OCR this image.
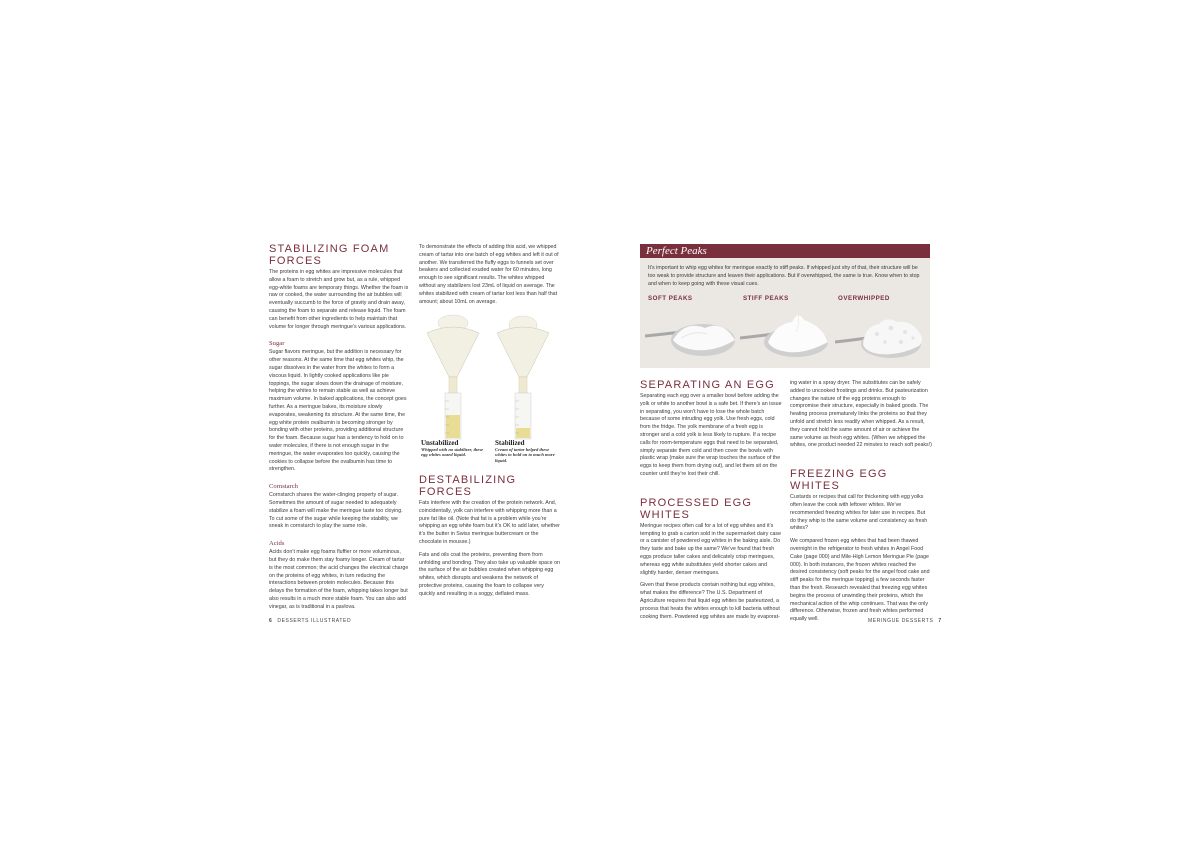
STABILIZING FOAM FORCES

The proteins in egg whites are impressive molecules that allow a foam to stretch and grow but, as a rule, whipped egg-white foams are temporary things. Whether the foam is raw or cooked, the water surrounding the air bubbles will eventually succumb to the force of gravity and drain away, causing the foam to separate and release liquid. The foam can benefit from other ingredients to help maintain that volume for longer through meringue’s various applications.

Sugar

Sugar flavors meringue, but the addition is necessary for other reasons. At the same time that egg whites whip, the sugar dissolves in the water from the whites to form a viscous liquid. In lightly cooked applications like pie toppings, the sugar slows down the drainage of moisture, helping the whites to remain stable as well as achieve maximum volume. In baked applications, the concept goes further. As a meringue bakes, its moisture slowly evaporates, weakening its structure. At the same time, the egg white protein ovalbumin is becoming stronger by bonding with other proteins, providing additional structure for the foam. Because sugar has a tendency to hold on to water molecules, if there is not enough sugar in the meringue, the water evaporates too quickly, causing the cookies to collapse before the ovalbumin has time to strengthen.

Cornstarch

Cornstarch shares the water-clinging property of sugar. Sometimes the amount of sugar needed to adequately stabilize a foam will make the meringue taste too cloying. To cut some of the sugar while keeping the stability, we sneak in cornstarch to play the same role.

Acids

Acids don’t make egg foams fluffier or more voluminous, but they do make them stay foamy longer. Cream of tartar is the most common; the acid changes the electrical charge on the proteins of egg whites, in turn reducing the interactions between protein molecules. Because this delays the formation of the foam, whipping takes longer but also results in a much more stable foam. You can also add vinegar, as is traditional in a pavlova.

To demonstrate the effects of adding this acid, we whipped cream of tartar into one batch of egg whites and left it out of another. We transferred the fluffy eggs to funnels set over beakers and collected exuded water for 60 minutes, long enough to see significant results. The whites whipped without any stabilizers lost 23mL of liquid on average. The whites stabilized with cream of tartar lost less than half that amount; about 10mL on average.

Unstabilized
Whipped with no stabilizer, these egg whites oozed liquid.
Stabilized
Cream of tartar helped these whites to hold on to much more liquid.
DESTABILIZING FORCES

Fats interfere with the creation of the protein network. And, coincidentally, yolk can interfere with whipping more than a pure fat like oil. (Note that fat is a problem while you’re whipping an egg white foam but it’s OK to add later, whether it’s the butter in Swiss meringue buttercream or the chocolate in mousse.)

Fats and oils coat the proteins, preventing them from unfolding and bonding. They also take up valuable space on the surface of the air bubbles created when whipping egg whites, which disrupts and weakens the network of protective proteins, causing the foam to collapse very quickly and resulting in a soggy, deflated mass.

6 DESSERTS ILLUSTRATED
Perfect Peaks
It’s important to whip egg whites for meringue exactly to stiff peaks. If whipped just shy of that, their structure will be too weak to provide structure and leaven their applications. But if overwhipped, the same is true. Know when to stop and when to keep going with these visual cues.
SOFT PEAKS	STIFF PEAKS	OVERWHIPPED
SEPARATING AN EGG

Separating each egg over a smaller bowl before adding the yolk or white to another bowl is a safe bet. If there’s an issue in separating, you won’t have to lose the whole batch because of some intruding egg yolk. Use fresh eggs, cold from the fridge. The yolk membrane of a fresh egg is stronger and a cold yolk is less likely to rupture. If a recipe calls for room-temperature eggs that need to be separated, simply separate them cold and then cover the bowls with plastic wrap (make sure the wrap touches the surface of the eggs to keep them from drying out), and let them sit on the counter until they’re lost their chill.

PROCESSED EGG WHITES

Meringue recipes often call for a lot of egg whites and it’s tempting to grab a carton sold in the supermarket dairy case or a canister of powdered egg whites in the baking aisle. Do they taste and bake up the same? We’ve found that fresh eggs produce taller cakes and delicately crisp meringues, whereas egg white substitutes yield shorter cakes and slightly harder, denser meringues.

Given that these products contain nothing but egg whites, what makes the difference? The U.S. Department of Agriculture requires that liquid egg whites be pasteurized, a process that heats the whites enough to kill bacteria without cooking them. Powdered egg whites are made by evaporat-

ing water in a spray dryer. The substitutes can be safely added to uncooked frostings and drinks. But pasteurization changes the nature of the egg proteins enough to compromise their structure, especially in baked goods. The heating process prematurely links the proteins so that they unfold and stretch less readily when whipped. As a result, they cannot hold the same amount of air or achieve the same volume as fresh egg whites. (When we whipped the whites, one product needed 22 minutes to reach soft peaks!)

FREEZING EGG WHITES

Custards or recipes that call for thickening with egg yolks often leave the cook with leftover whites. We’ve recommended freezing whites for later use in recipes. But do they whip to the same volume and consistency as fresh whites?

We compared frozen egg whites that had been thawed overnight in the refrigerator to fresh whites in Angel Food Cake (page 000) and Mile-High Lemon Meringue Pie (page 000). In both instances, the frozen whites reached the desired consistency (soft peaks for the angel food cake and stiff peaks for the meringue topping) a few seconds faster than the fresh. Research revealed that freezing egg whites begins the process of unwinding their proteins, which the mechanical action of the whip continues. That was the only difference. Otherwise, frozen and fresh whites performed equally well.	MERINGUE DESSERTS 7
